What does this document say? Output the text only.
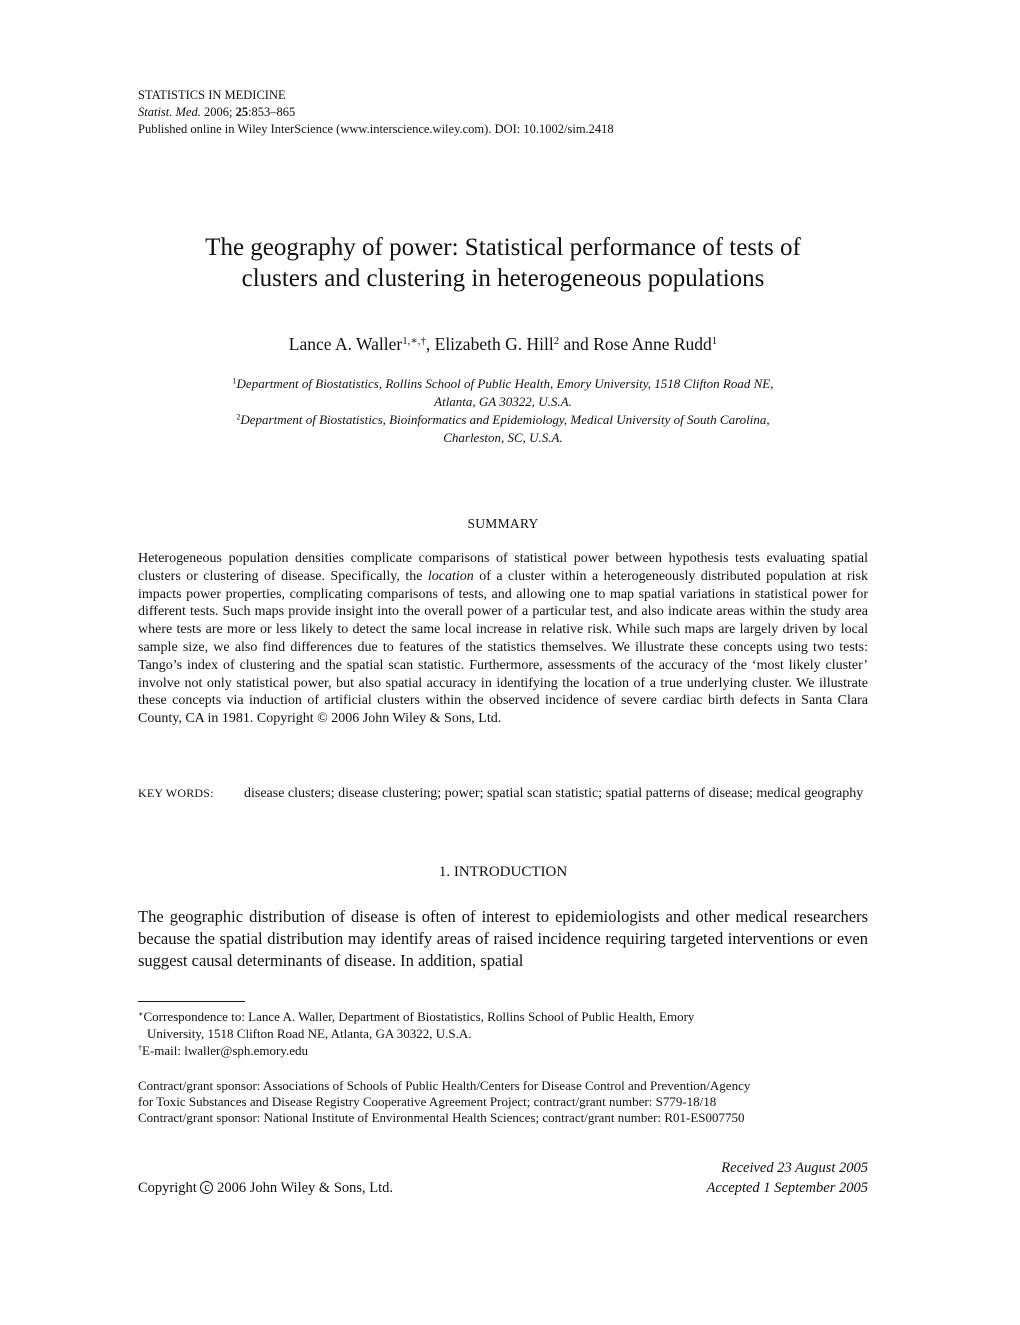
STATISTICS IN MEDICINE
Statist. Med. 2006; 25:853–865
Published online in Wiley InterScience (www.interscience.wiley.com). DOI: 10.1002/sim.2418
The geography of power: Statistical performance of tests of
clusters and clustering in heterogeneous populations
Lance A. Waller$^{1,∗,\dagger}$, Elizabeth G. Hill$^2$ and Rose Anne Rudd$^1$
$^1$Department of Biostatistics, Rollins School of Public Health, Emory University, 1518 Clifton Road NE,
Atlanta, GA 30322, U.S.A.
$^2$Department of Biostatistics, Bioinformatics and Epidemiology, Medical University of South Carolina,
Charleston, SC, U.S.A.
SUMMARY
Heterogeneous population densities complicate comparisons of statistical power between hypothesis tests evaluating spatial clusters or clustering of disease. Specifically, the location of a cluster within a heterogeneously distributed population at risk impacts power properties, complicating comparisons of tests, and allowing one to map spatial variations in statistical power for different tests. Such maps provide insight into the overall power of a particular test, and also indicate areas within the study area where tests are more or less likely to detect the same local increase in relative risk. While such maps are largely driven by local sample size, we also find differences due to features of the statistics themselves. We illustrate these concepts using two tests: Tango’s index of clustering and the spatial scan statistic. Furthermore, assessments of the accuracy of the ‘most likely cluster’ involve not only statistical power, but also spatial accuracy in identifying the location of a true underlying cluster. We illustrate these concepts via induction of artificial clusters within the observed incidence of severe cardiac birth defects in Santa Clara County, CA in 1981. Copyright © 2006 John Wiley & Sons, Ltd.
KEY WORDS: disease clusters; disease clustering; power; spatial scan statistic; spatial patterns of disease; medical geography
1. INTRODUCTION
The geographic distribution of disease is often of interest to epidemiologists and other medical researchers because the spatial distribution may identify areas of raised incidence requiring targeted interventions or even suggest causal determinants of disease. In addition, spatial
∗Correspondence to: Lance A. Waller, Department of Biostatistics, Rollins School of Public Health, Emory
University, 1518 Clifton Road NE, Atlanta, GA 30322, U.S.A.
†E-mail: lwaller@sph.emory.edu
Contract/grant sponsor: Associations of Schools of Public Health/Centers for Disease Control and Prevention/Agency
for Toxic Substances and Disease Registry Cooperative Agreement Project; contract/grant number: S779-18/18
Contract/grant sponsor: National Institute of Environmental Health Sciences; contract/grant number: R01-ES007750
Received 23 August 2005
Copyright c 2006 John Wiley & Sons, Ltd.	Accepted 1 September 2005
